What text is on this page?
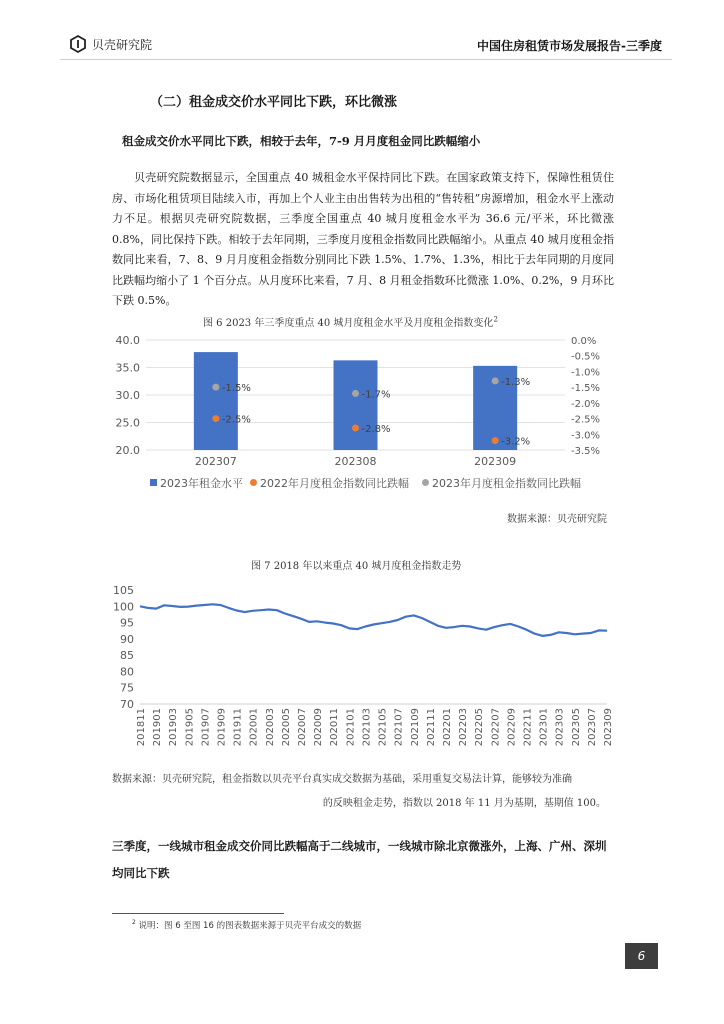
贝壳研究院	中国住房租赁市场发展报告-三季度
（二）租金成交价水平同比下跌，环比微涨
租金成交价水平同比下跌，相较于去年，7-9 月月度租金同比跌幅缩小

贝壳研究院数据显示，全国重点 40 城租金水平保持同比下跌。在国家政策支持下，保障性租赁住房、市场化租赁项目陆续入市，再加上个人业主由出售转为出租的“售转租”房源增加，租金水平上涨动力不足。根据贝壳研究院数据，三季度全国重点 40 城月度租金水平为 36.6 元/平米，环比微涨 0.8%，同比保持下跌。相较于去年同期，三季度月度租金指数同比跌幅缩小。从重点 40 城月度租金指数同比来看，7、8、9 月月度租金指数分别同比下跌 1.5%、1.7%、1.3%，相比于去年同期的月度同比跌幅均缩小了 1 个百分点。从月度环比来看，7 月、8 月租金指数环比微涨 1.0%、0.2%，9 月环比下跌 0.5%。

图 6 2023 年三季度重点 40 城月度租金水平及月度租金指数变化$^2$
20.0
25.0
30.0
35.0
40.0	0.0%
-0.5%
-1.0%
-1.5%
-2.0%
-2.5%
-3.0%
-3.5%
202307
-1.5%
-2.5%
202308
-1.7%
-2.8%
202309
-1.3%
-3.2%
2023年租金水平 2022年月度租金指数同比跌幅 2023年月度租金指数同比跌幅
数据来源：贝壳研究院
图 7 2018 年以来重点 40 城月度租金指数走势
70
75
80
85
90
95
100
105
201811 201901 201903 201905 201907 201909 201911 202001 202003 202005 202007 202009 202011 202101 202103 202105 202107 202109 202111 202201 202203 202205 202207 202209 202211 202301 202303 202305 202307 202309
数据来源：贝壳研究院，租金指数以贝壳平台真实成交数据为基础，采用重复交易法计算，能够较为准确
的反映租金走势，指数以 2018 年 11 月为基期，基期值 100。
三季度，一线城市租金成交价同比跌幅高于二线城市，一线城市除北京微涨外，上海、广州、深圳均同比下跌
$^2$ 说明：图 6 至图 16 的图表数据来源于贝壳平台成交的数据
6
